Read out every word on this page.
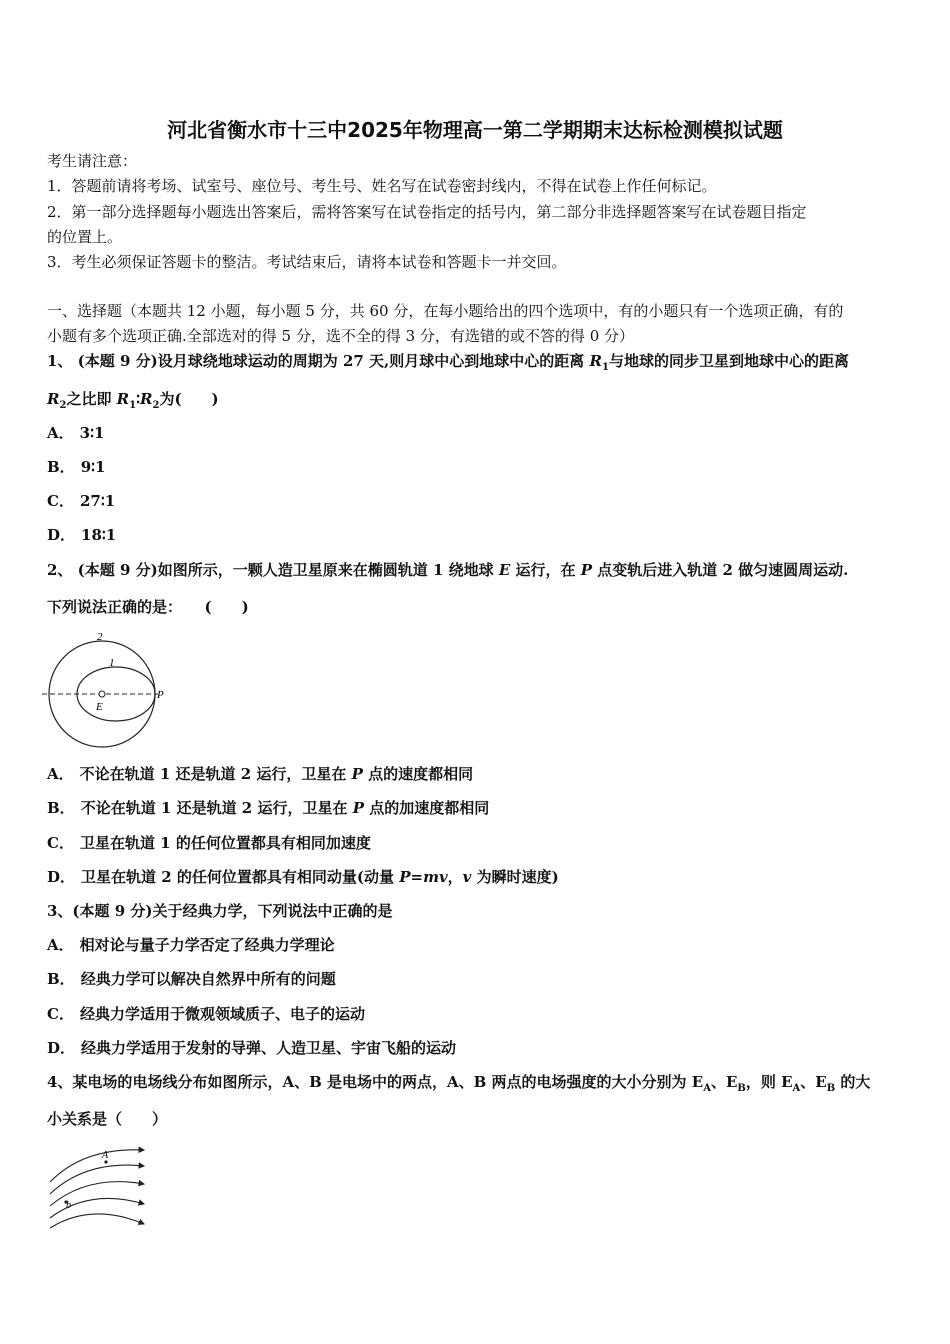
河北省衡水市十三中2025年物理高一第二学期期末达标检测模拟试题
考生请注意：
1．答题前请将考场、试室号、座位号、考生号、姓名写在试卷密封线内，不得在试卷上作任何标记。
2．第一部分选择题每小题选出答案后，需将答案写在试卷指定的括号内，第二部分非选择题答案写在试卷题目指定
的位置上。
3．考生必须保证答题卡的整洁。考试结束后，请将本试卷和答题卡一并交回。
一、选择题（本题共 12 小题，每小题 5 分，共 60 分，在每小题给出的四个选项中，有的小题只有一个选项正确，有的
小题有多个选项正确.全部选对的得 5 分，选不全的得 3 分，有选错的或不答的得 0 分）
1、 (本题 9 分)设月球绕地球运动的周期为 27 天,则月球中心到地球中心的距离 $R_1$与地球的同步卫星到地球中心的距离
$R_2$之比即 $R_1∶R_2$为(　　)
A． 3∶1
B． 9∶1
C． 27∶1
D． 18∶1
2、 (本题 9 分)如图所示，一颗人造卫星原来在椭圆轨道 1 绕地球 E 运行，在 P 点变轨后进入轨道 2 做匀速圆周运动.
下列说法正确的是：　　(　　)
2
1
E
P
A． 不论在轨道 1 还是轨道 2 运行，卫星在 P 点的速度都相同
B． 不论在轨道 1 还是轨道 2 运行，卫星在 P 点的加速度都相同
C． 卫星在轨道 1 的任何位置都具有相同加速度
D． 卫星在轨道 2 的任何位置都具有相同动量(动量 P=mv，v 为瞬时速度)
3、(本题 9 分)关于经典力学，下列说法中正确的是
A． 相对论与量子力学否定了经典力学理论
B． 经典力学可以解决自然界中所有的问题
C． 经典力学适用于微观领域质子、电子的运动
D． 经典力学适用于发射的导弹、人造卫星、宇宙飞船的运动
4、某电场的电场线分布如图所示，A、B 是电场中的两点，A、B 两点的电场强度的大小分别为 $E_A$、$E_B$，则 $E_A$、$E_B$ 的大
小关系是（　　）
A
b
